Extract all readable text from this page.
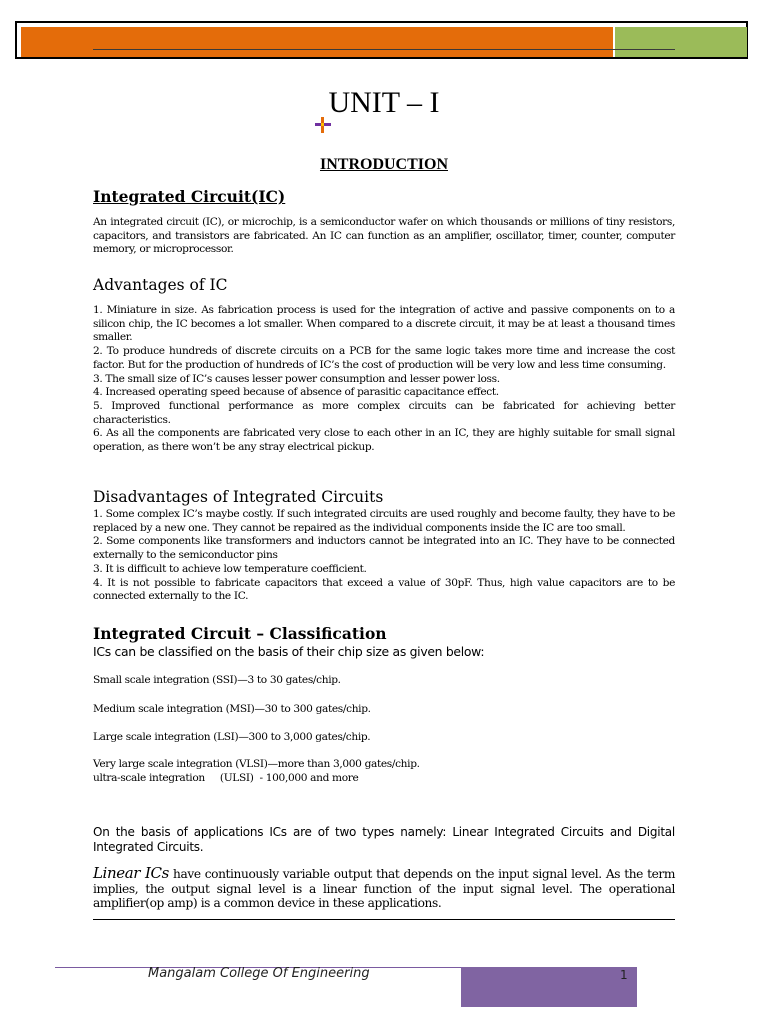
UNIT – I
INTRODUCTION

Integrated Circuit(IC)

An integrated circuit (IC), or microchip, is a semiconductor wafer on which thousands or millions of tiny resistors, capacitors, and transistors are fabricated. An IC can function as an amplifier, oscillator, timer, counter, computer memory, or microprocessor.

Advantages of IC

1. Miniature in size. As fabrication process is used for the integration of active and passive components on to a silicon chip, the IC becomes a lot smaller. When compared to a discrete circuit, it may be at least a thousand times smaller.

2. To produce hundreds of discrete circuits on a PCB for the same logic takes more time and increase the cost factor. But for the production of hundreds of IC’s the cost of production will be very low and less time consuming.

3. The small size of IC’s causes lesser power consumption and lesser power loss.

4. Increased operating speed because of absence of parasitic capacitance effect.

5. Improved functional performance as more complex circuits can be fabricated for achieving better characteristics.

6. As all the components are fabricated very close to each other in an IC, they are highly suitable for small signal operation, as there won’t be any stray electrical pickup.

Disadvantages of Integrated Circuits

1. Some complex IC’s maybe costly. If such integrated circuits are used roughly and become faulty, they have to be replaced by a new one. They cannot be repaired as the individual components inside the IC are too small.

2. Some components like transformers and inductors cannot be integrated into an IC. They have to be connected externally to the semiconductor pins

3. It is difficult to achieve low temperature coefficient.

4. It is not possible to fabricate capacitors that exceed a value of 30pF. Thus, high value capacitors are to be connected externally to the IC.

Integrated Circuit – Classification

ICs can be classified on the basis of their chip size as given below:

Small scale integration (SSI)—3 to 30 gates/chip.

Medium scale integration (MSI)—30 to 300 gates/chip.

Large scale integration (LSI)—300 to 3,000 gates/chip.

Very large scale integration (VLSI)—more than 3,000 gates/chip.

ultra-scale integration     (ULSI)  - 100,000 and more

On the basis of applications ICs are of two types namely: Linear Integrated Circuits and Digital Integrated Circuits.

Linear ICs have continuously variable output that depends on the input signal level. As the term implies, the output signal level is a linear function of the input signal level. The operational amplifier(op amp) is a common device in these applications.

Mangalam College Of Engineering	1
